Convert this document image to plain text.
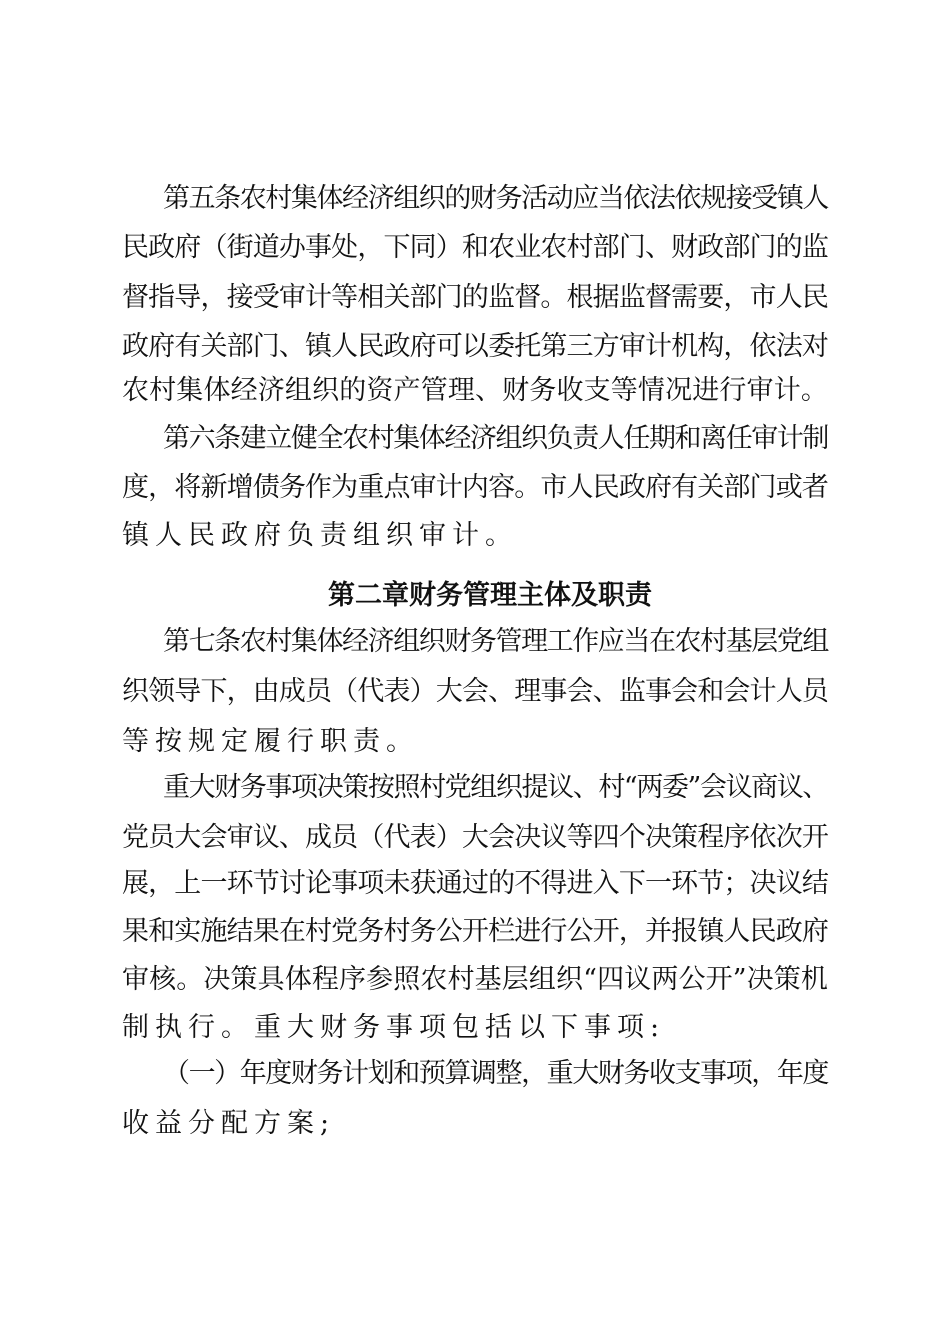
第五条农村集体经济组织的财务活动应当依法依规接受镇人
民政府（街道办事处，下同）和农业农村部门、财政部门的监
督指导，接受审计等相关部门的监督。根据监督需要，市人民
政府有关部门、镇人民政府可以委托第三方审计机构，依法对
农村集体经济组织的资产管理、财务收支等情况进行审计。
第六条建立健全农村集体经济组织负责人任期和离任审计制
度，将新增债务作为重点审计内容。市人民政府有关部门或者
镇人民政府负责组织审计。
第二章财务管理主体及职责
第七条农村集体经济组织财务管理工作应当在农村基层党组
织领导下，由成员（代表）大会、理事会、监事会和会计人员
等按规定履行职责。
重大财务事项决策按照村党组织提议、村“两委”会议商议、
党员大会审议、成员（代表）大会决议等四个决策程序依次开
展，上一环节讨论事项未获通过的不得进入下一环节；决议结
果和实施结果在村党务村务公开栏进行公开，并报镇人民政府
审核。决策具体程序参照农村基层组织“四议两公开”决策机
制执行。重大财务事项包括以下事项:
（一）年度财务计划和预算调整，重大财务收支事项，年度
收益分配方案;
